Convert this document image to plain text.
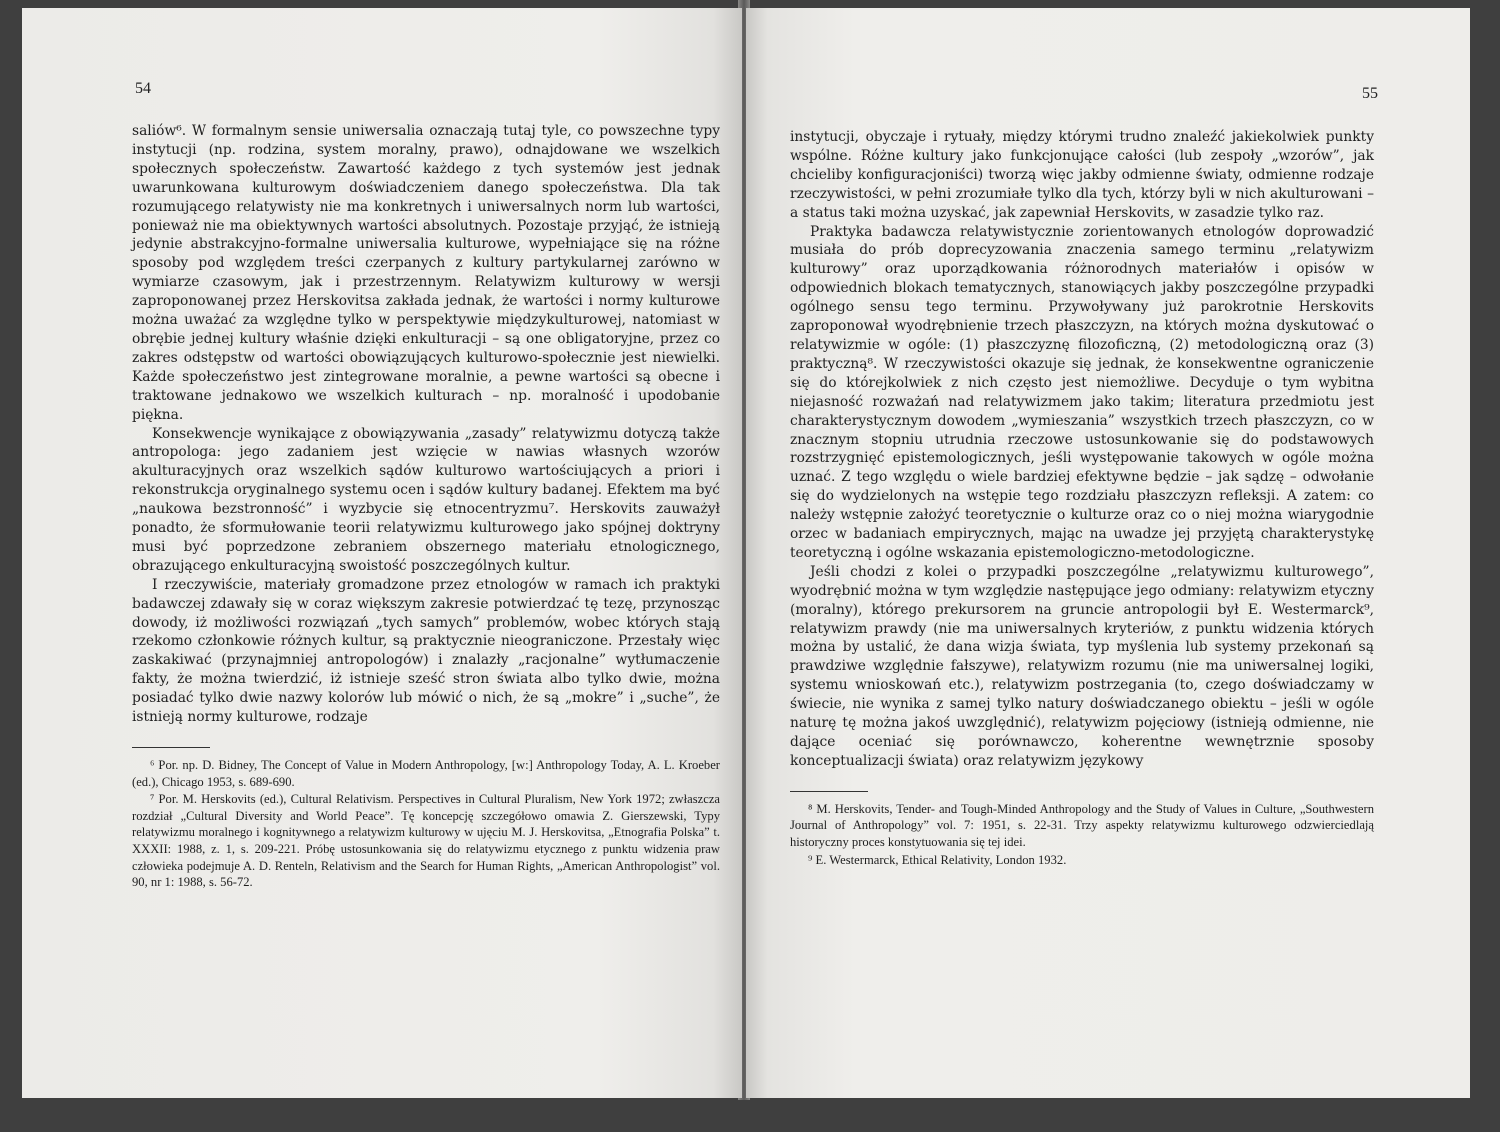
54

saliów⁶. W formalnym sensie uniwersalia oznaczają tutaj tyle, co powszechne typy instytucji (np. rodzina, system moralny, prawo), odnajdowane we wszelkich społecznych społeczeństw. Zawartość każdego z tych systemów jest jednak uwarunkowana kulturowym doświadczeniem danego społeczeństwa. Dla tak rozumującego relatywisty nie ma konkretnych i uniwersalnych norm lub wartości, ponieważ nie ma obiektywnych wartości absolutnych. Pozostaje przyjąć, że istnieją jedynie abstrakcyjno-formalne uniwersalia kulturowe, wypełniające się na różne sposoby pod względem treści czerpanych z kultury partykularnej zarówno w wymiarze czasowym, jak i przestrzennym. Relatywizm kulturowy w wersji zaproponowanej przez Herskovitsa zakłada jednak, że wartości i normy kulturowe można uważać za względne tylko w perspektywie międzykulturowej, natomiast w obrębie jednej kultury właśnie dzięki enkulturacji – są one obligatoryjne, przez co zakres odstępstw od wartości obowiązujących kulturowo-społecznie jest niewielki. Każde społeczeństwo jest zintegrowane moralnie, a pewne wartości są obecne i traktowane jednakowo we wszelkich kulturach – np. moralność i upodobanie piękna.

Konsekwencje wynikające z obowiązywania „zasady” relatywizmu dotyczą także antropologa: jego zadaniem jest wzięcie w nawias własnych wzorów akulturacyjnych oraz wszelkich sądów kulturowo wartościujących a priori i rekonstrukcja oryginalnego systemu ocen i sądów kultury badanej. Efektem ma być „naukowa bezstronność” i wyzbycie się etnocentryzmu⁷. Herskovits zauważył ponadto, że sformułowanie teorii relatywizmu kulturowego jako spójnej doktryny musi być poprzedzone zebraniem obszernego materiału etnologicznego, obrazującego enkulturacyjną swoistość poszczególnych kultur.

I rzeczywiście, materiały gromadzone przez etnologów w ramach ich praktyki badawczej zdawały się w coraz większym zakresie potwierdzać tę tezę, przynosząc dowody, iż możliwości rozwiązań „tych samych” problemów, wobec których stają rzekomo członkowie różnych kultur, są praktycznie nieograniczone. Przestały więc zaskakiwać (przynajmniej antropologów) i znalazły „racjonalne” wytłumaczenie fakty, że można twierdzić, iż istnieje sześć stron świata albo tylko dwie, można posiadać tylko dwie nazwy kolorów lub mówić o nich, że są „mokre” i „suche”, że istnieją normy kulturowe, rodzaje

⁶ Por. np. D. Bidney, The Concept of Value in Modern Anthropology, [w:] Anthropology Today, A. L. Kroeber (ed.), Chicago 1953, s. 689-690.

⁷ Por. M. Herskovits (ed.), Cultural Relativism. Perspectives in Cultural Pluralism, New York 1972; zwłaszcza rozdział „Cultural Diversity and World Peace”. Tę koncepcję szczegółowo omawia Z. Gierszewski, Typy relatywizmu moralnego i kognitywnego a relatywizm kulturowy w ujęciu M. J. Herskovitsa, „Etnografia Polska” t. XXXII: 1988, z. 1, s. 209-221. Próbę ustosunkowania się do relatywizmu etycznego z punktu widzenia praw człowieka podejmuje A. D. Renteln, Relativism and the Search for Human Rights, „American Anthropologist” vol. 90, nr 1: 1988, s. 56-72.

55

instytucji, obyczaje i rytuały, między którymi trudno znaleźć jakiekolwiek punkty wspólne. Różne kultury jako funkcjonujące całości (lub zespoły „wzorów”, jak chcieliby konfiguracjoniści) tworzą więc jakby odmienne światy, odmienne rodzaje rzeczywistości, w pełni zrozumiałe tylko dla tych, którzy byli w nich akulturowani – a status taki można uzyskać, jak zapewniał Herskovits, w zasadzie tylko raz.

Praktyka badawcza relatywistycznie zorientowanych etnologów doprowadzić musiała do prób doprecyzowania znaczenia samego terminu „relatywizm kulturowy” oraz uporządkowania różnorodnych materiałów i opisów w odpowiednich blokach tematycznych, stanowiących jakby poszczególne przypadki ogólnego sensu tego terminu. Przywoływany już parokrotnie Herskovits zaproponował wyodrębnienie trzech płaszczyzn, na których można dyskutować o relatywizmie w ogóle: (1) płaszczyznę filozoficzną, (2) metodologiczną oraz (3) praktyczną⁸. W rzeczywistości okazuje się jednak, że konsekwentne ograniczenie się do którejkolwiek z nich często jest niemożliwe. Decyduje o tym wybitna niejasność rozważań nad relatywizmem jako takim; literatura przedmiotu jest charakterystycznym dowodem „wymieszania” wszystkich trzech płaszczyzn, co w znacznym stopniu utrudnia rzeczowe ustosunkowanie się do podstawowych rozstrzygnięć epistemologicznych, jeśli występowanie takowych w ogóle można uznać. Z tego względu o wiele bardziej efektywne będzie – jak sądzę – odwołanie się do wydzielonych na wstępie tego rozdziału płaszczyzn refleksji. A zatem: co należy wstępnie założyć teoretycznie o kulturze oraz co o niej można wiarygodnie orzec w badaniach empirycznych, mając na uwadze jej przyjętą charakterystykę teoretyczną i ogólne wskazania epistemologiczno-metodologiczne.

Jeśli chodzi z kolei o przypadki poszczególne „relatywizmu kulturowego”, wyodrębnić można w tym względzie następujące jego odmiany: relatywizm etyczny (moralny), którego prekursorem na gruncie antropologii był E. Westermarck⁹, relatywizm prawdy (nie ma uniwersalnych kryteriów, z punktu widzenia których można by ustalić, że dana wizja świata, typ myślenia lub systemy przekonań są prawdziwe względnie fałszywe), relatywizm rozumu (nie ma uniwersalnej logiki, systemu wnioskowań etc.), relatywizm postrzegania (to, czego doświadczamy w świecie, nie wynika z samej tylko natury doświadczanego obiektu – jeśli w ogóle naturę tę można jakoś uwzględnić), relatywizm pojęciowy (istnieją odmienne, nie dające oceniać się porównawczo, koherentne wewnętrznie sposoby konceptualizacji świata) oraz relatywizm językowy

⁸ M. Herskovits, Tender- and Tough-Minded Anthropology and the Study of Values in Culture, „Southwestern Journal of Anthropology” vol. 7: 1951, s. 22-31. Trzy aspekty relatywizmu kulturowego odzwierciedlają historyczny proces konstytuowania się tej idei.

⁹ E. Westermarck, Ethical Relativity, London 1932.
